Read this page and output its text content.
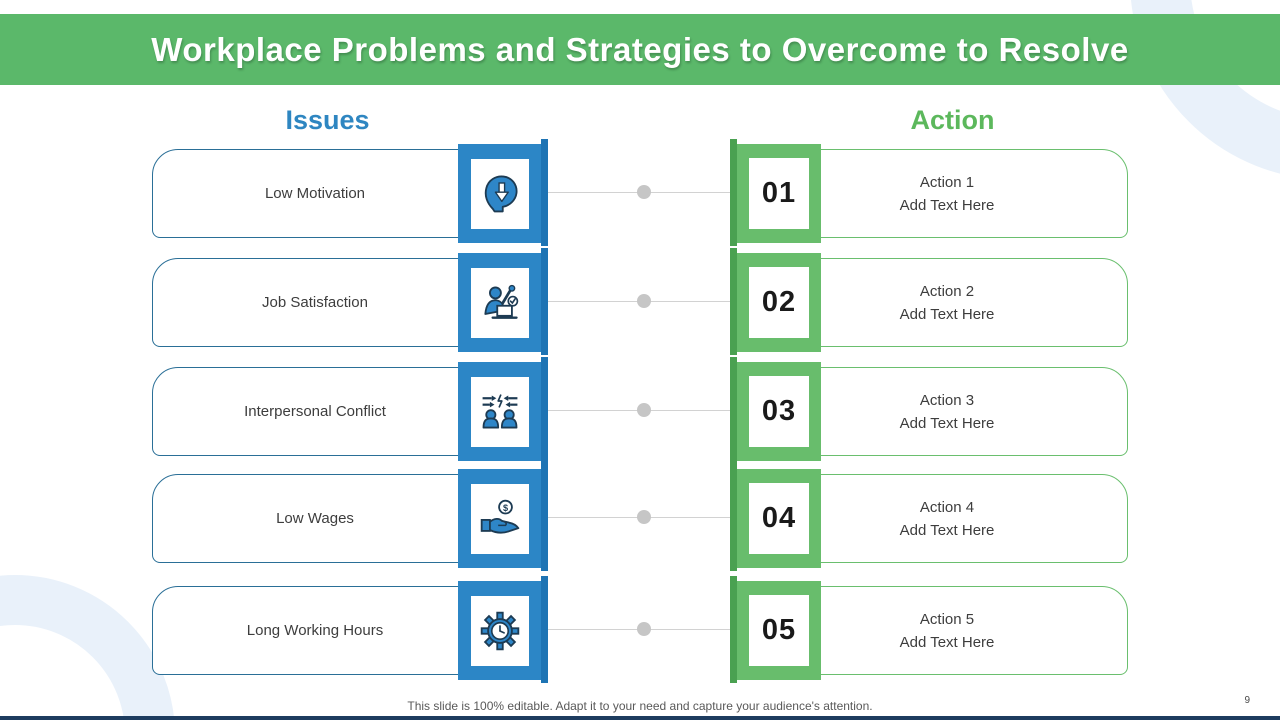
Workplace Problems and Strategies to Overcome to Resolve
Issues	Action
Low Motivation
Action 1
Add Text Here
01
Job Satisfaction
Action 2
Add Text Here
02
Interpersonal Conflict
Action 3
Add Text Here
03
Low Wages
$	Action 4
Add Text Here
04
Long Working Hours
Action 5
Add Text Here
05
This slide is 100% editable. Adapt it to your need and capture your audience's attention.	9
